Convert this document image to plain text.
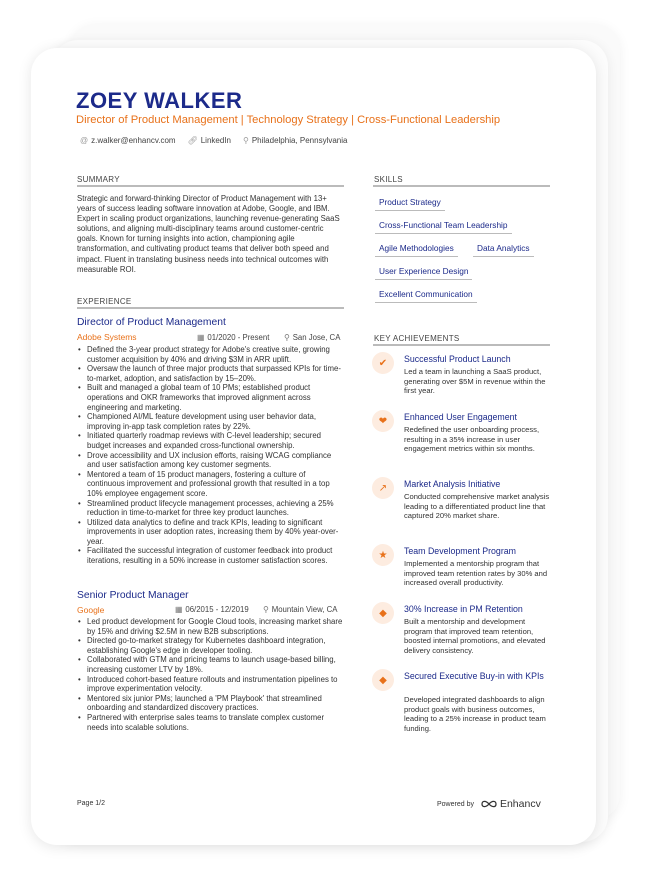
ZOEY WALKER
Director of Product Management | Technology Strategy | Cross-Functional Leadership
@ z.walker@enhancv.com 🔗︎ LinkedIn ⚲ Philadelphia, Pennsylvania
SUMMARY
Strategic and forward-thinking Director of Product Management with 13+ years of success leading software innovation at Adobe, Google, and IBM. Expert in scaling product organizations, launching revenue-generating SaaS solutions, and aligning multi-disciplinary teams around customer-centric goals. Known for turning insights into action, championing agile transformation, and cultivating product teams that deliver both speed and impact. Fluent in translating business needs into technical outcomes with measurable ROI.
EXPERIENCE
Director of Product Management
Adobe Systems	▦ 01/2020 - Present ⚲ San Jose, CA
• Defined the 3-year product strategy for Adobe's creative suite, growing customer acquisition by 40% and driving $3M in ARR uplift.
• Oversaw the launch of three major products that surpassed KPIs for time-to-market, adoption, and satisfaction by 15–20%.
• Built and managed a global team of 10 PMs; established product operations and OKR frameworks that improved alignment across engineering and marketing.
• Championed AI/ML feature development using user behavior data, improving in-app task completion rates by 22%.
• Initiated quarterly roadmap reviews with C-level leadership; secured budget increases and expanded cross-functional ownership.
• Drove accessibility and UX inclusion efforts, raising WCAG compliance and user satisfaction among key customer segments.
• Mentored a team of 15 product managers, fostering a culture of continuous improvement and professional growth that resulted in a top 10% employee engagement score.
• Streamlined product lifecycle management processes, achieving a 25% reduction in time-to-market for three key product launches.
• Utilized data analytics to define and track KPIs, leading to significant improvements in user adoption rates, increasing them by 40% year-over-year.
• Facilitated the successful integration of customer feedback into product iterations, resulting in a 50% increase in customer satisfaction scores.
Senior Product Manager
Google	▦ 06/2015 - 12/2019 ⚲ Mountain View, CA
• Led product development for Google Cloud tools, increasing market share by 15% and driving $2.5M in new B2B subscriptions.
• Directed go-to-market strategy for Kubernetes dashboard integration, establishing Google's edge in developer tooling.
• Collaborated with GTM and pricing teams to launch usage-based billing, increasing customer LTV by 18%.
• Introduced cohort-based feature rollouts and instrumentation pipelines to improve experimentation velocity.
• Mentored six junior PMs; launched a 'PM Playbook' that streamlined onboarding and standardized discovery practices.
• Partnered with enterprise sales teams to translate complex customer needs into scalable solutions.
SKILLS
Product Strategy
Cross-Functional Team Leadership
Agile Methodologies	Data Analytics
User Experience Design
Excellent Communication
KEY ACHIEVEMENTS
✔	Successful Product Launch
Led a team in launching a SaaS product, generating over $5M in revenue within the first year.
❤	Enhanced User Engagement
Redefined the user onboarding process, resulting in a 35% increase in user engagement metrics within six months.
↗	Market Analysis Initiative
Conducted comprehensive market analysis leading to a differentiated product line that captured 20% market share.
★	Team Development Program
Implemented a mentorship program that improved team retention rates by 30% and increased overall productivity.
◆	30% Increase in PM Retention
Built a mentorship and development program that improved team retention, boosted internal promotions, and elevated delivery consistency.
◆	Secured Executive Buy-in with KPIs
Developed integrated dashboards to align product goals with business outcomes, leading to a 25% increase in product team funding.
Page 1/2	Powered by Enhancv
